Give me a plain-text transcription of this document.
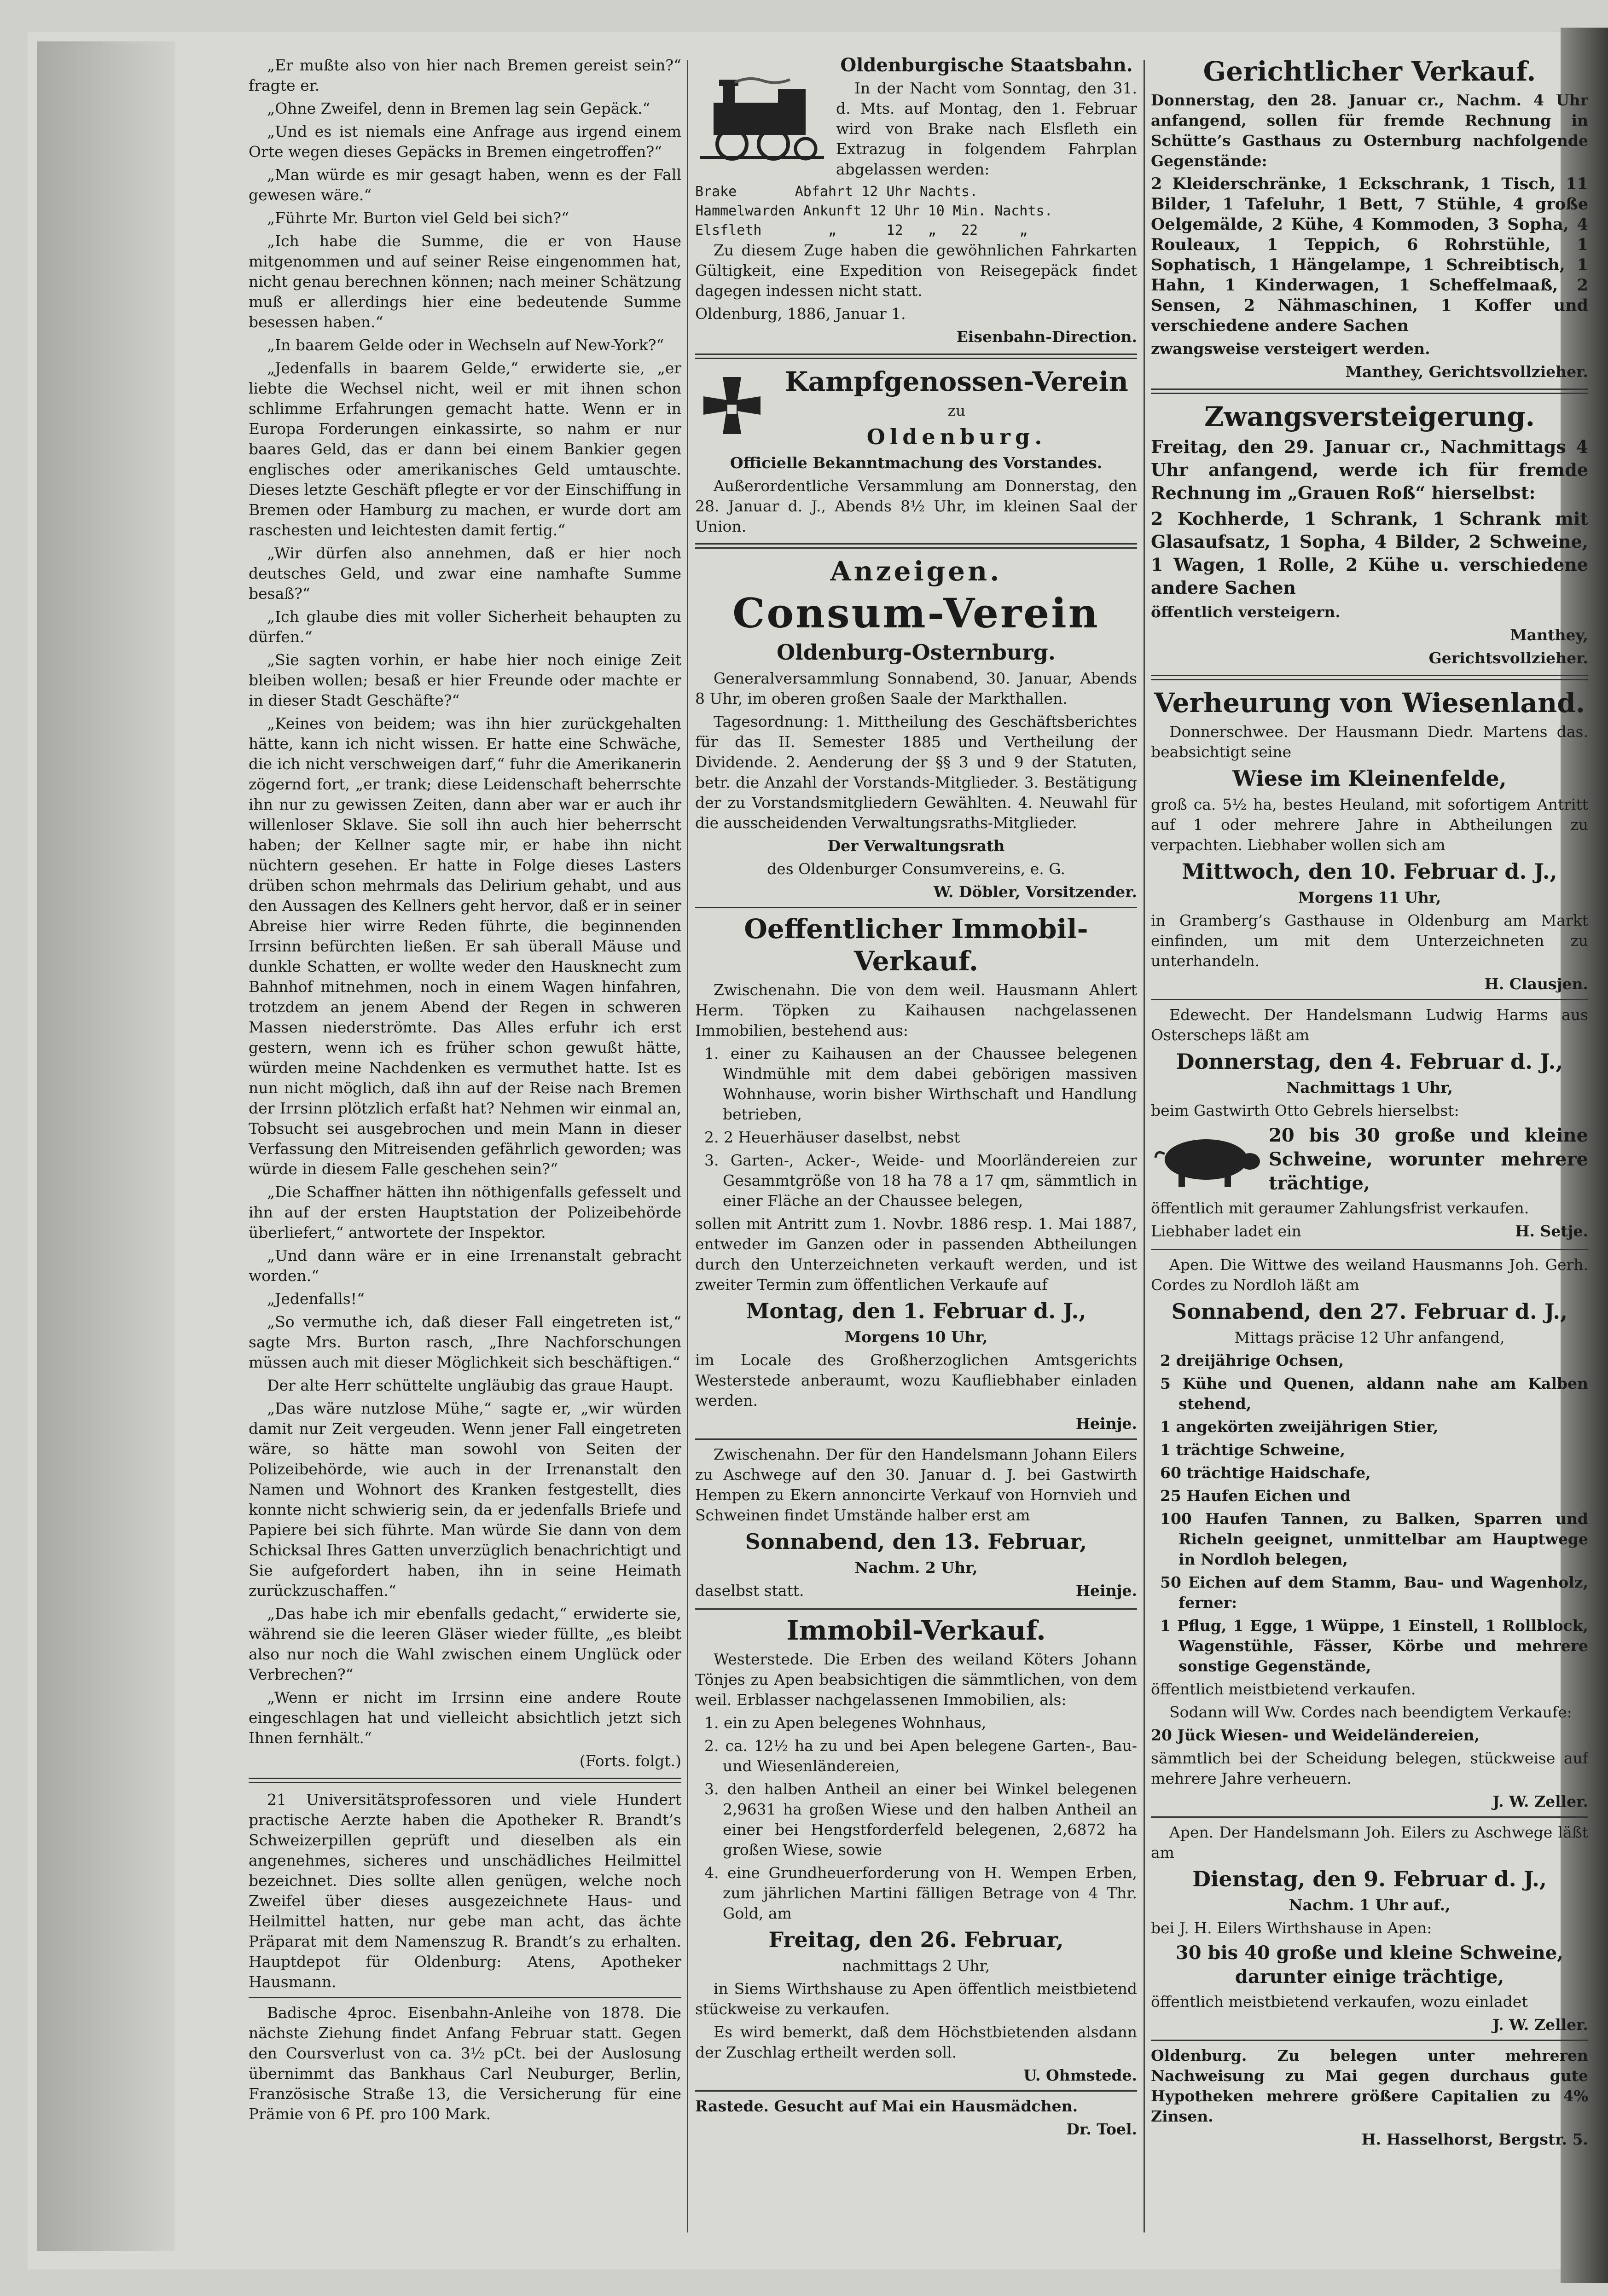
„Er mußte also von hier nach Bremen gereist sein?“ fragte er.

„Ohne Zweifel, denn in Bremen lag sein Gepäck.“

„Und es ist niemals eine Anfrage aus irgend einem Orte wegen dieses Gepäcks in Bremen eingetroffen?“

„Man würde es mir gesagt haben, wenn es der Fall gewesen wäre.“

„Führte Mr. Burton viel Geld bei sich?“

„Ich habe die Summe, die er von Hause mitgenommen und auf seiner Reise eingenommen hat, nicht genau berechnen können; nach meiner Schätzung muß er allerdings hier eine bedeutende Summe besessen haben.“

„In baarem Gelde oder in Wechseln auf New-York?“

„Jedenfalls in baarem Gelde,“ erwiderte sie, „er liebte die Wechsel nicht, weil er mit ihnen schon schlimme Erfahrungen gemacht hatte. Wenn er in Europa Forderungen einkassirte, so nahm er nur baares Geld, das er dann bei einem Bankier gegen englisches oder amerikanisches Geld umtauschte. Dieses letzte Geschäft pflegte er vor der Einschiffung in Bremen oder Hamburg zu machen, er wurde dort am raschesten und leichtesten damit fertig.“

„Wir dürfen also annehmen, daß er hier noch deutsches Geld, und zwar eine namhafte Summe besaß?“

„Ich glaube dies mit voller Sicherheit behaupten zu dürfen.“

„Sie sagten vorhin, er habe hier noch einige Zeit bleiben wollen; besaß er hier Freunde oder machte er in dieser Stadt Geschäfte?“

„Keines von beidem; was ihn hier zurückgehalten hätte, kann ich nicht wissen. Er hatte eine Schwäche, die ich nicht verschweigen darf,“ fuhr die Amerikanerin zögernd fort, „er trank; diese Leidenschaft beherrschte ihn nur zu gewissen Zeiten, dann aber war er auch ihr willenloser Sklave. Sie soll ihn auch hier beherrscht haben; der Kellner sagte mir, er habe ihn nicht nüchtern gesehen. Er hatte in Folge dieses Lasters drüben schon mehrmals das Delirium gehabt, und aus den Aussagen des Kellners geht hervor, daß er in seiner Abreise hier wirre Reden führte, die beginnenden Irrsinn befürchten ließen. Er sah überall Mäuse und dunkle Schatten, er wollte weder den Hausknecht zum Bahnhof mitnehmen, noch in einem Wagen hinfahren, trotzdem an jenem Abend der Regen in schweren Massen niederströmte. Das Alles erfuhr ich erst gestern, wenn ich es früher schon gewußt hätte, würden meine Nachdenken es vermuthet hatte. Ist es nun nicht möglich, daß ihn auf der Reise nach Bremen der Irrsinn plötzlich erfaßt hat? Nehmen wir einmal an, Tobsucht sei ausgebrochen und mein Mann in dieser Verfassung den Mitreisenden gefährlich geworden; was würde in diesem Falle geschehen sein?“

„Die Schaffner hätten ihn nöthigenfalls gefesselt und ihn auf der ersten Hauptstation der Polizeibehörde überliefert,“ antwortete der Inspektor.

„Und dann wäre er in eine Irrenanstalt gebracht worden.“

„Jedenfalls!“

„So vermuthe ich, daß dieser Fall eingetreten ist,“ sagte Mrs. Burton rasch, „Ihre Nachforschungen müssen auch mit dieser Möglichkeit sich beschäftigen.“

Der alte Herr schüttelte ungläubig das graue Haupt.

„Das wäre nutzlose Mühe,“ sagte er, „wir würden damit nur Zeit vergeuden. Wenn jener Fall eingetreten wäre, so hätte man sowohl von Seiten der Polizeibehörde, wie auch in der Irrenanstalt den Namen und Wohnort des Kranken festgestellt, dies konnte nicht schwierig sein, da er jedenfalls Briefe und Papiere bei sich führte. Man würde Sie dann von dem Schicksal Ihres Gatten unverzüglich benachrichtigt und Sie aufgefordert haben, ihn in seine Heimath zurückzuschaffen.“

„Das habe ich mir ebenfalls gedacht,“ erwiderte sie, während sie die leeren Gläser wieder füllte, „es bleibt also nur noch die Wahl zwischen einem Unglück oder Verbrechen?“

„Wenn er nicht im Irrsinn eine andere Route eingeschlagen hat und vielleicht absichtlich jetzt sich Ihnen fernhält.“

(Forts. folgt.)

21 Universitätsprofessoren und viele Hundert practische Aerzte haben die Apotheker R. Brandt’s Schweizerpillen geprüft und dieselben als ein angenehmes, sicheres und unschädliches Heilmittel bezeichnet. Dies sollte allen genügen, welche noch Zweifel über dieses ausgezeichnete Haus- und Heilmittel hatten, nur gebe man acht, das ächte Präparat mit dem Namenszug R. Brandt’s zu erhalten. Hauptdepot für Oldenburg: Atens, Apotheker Hausmann.

Badische 4proc. Eisenbahn-Anleihe von 1878. Die nächste Ziehung findet Anfang Februar statt. Gegen den Coursverlust von ca. 3½ pCt. bei der Auslosung übernimmt das Bankhaus Carl Neuburger, Berlin, Französische Straße 13, die Versicherung für eine Prämie von 6 Pf. pro 100 Mark.

Oldenburgische Staatsbahn.

In der Nacht vom Sonntag, den 31. d. Mts. auf Montag, den 1. Februar wird von Brake nach Elsfleth ein Extrazug in folgendem Fahrplan abgelassen werden:

Brake       Abfahrt 12 Uhr Nachts.
Hammelwarden Ankunft 12 Uhr 10 Min. Nachts.
Elsfleth        „      12   „   22     „

Zu diesem Zuge haben die gewöhnlichen Fahrkarten Gültigkeit, eine Expedition von Reisegepäck findet dagegen indessen nicht statt.

Oldenburg, 1886, Januar 1.

Eisenbahn-Direction.

Kampfgenossen-Verein

zu

Oldenburg.

Officielle Bekanntmachung des Vorstandes.

Außerordentliche Versammlung am Donnerstag, den 28. Januar d. J., Abends 8½ Uhr, im kleinen Saal der Union.

Anzeigen.

Consum-Verein

Oldenburg-Osternburg.

Generalversammlung Sonnabend, 30. Januar, Abends 8 Uhr, im oberen großen Saale der Markthallen.

Tagesordnung: 1. Mittheilung des Geschäftsberichtes für das II. Semester 1885 und Vertheilung der Dividende. 2. Aenderung der §§ 3 und 9 der Statuten, betr. die Anzahl der Vorstands-Mitglieder. 3. Bestätigung der zu Vorstandsmitgliedern Gewählten. 4. Neuwahl für die ausscheidenden Verwaltungsraths-Mitglieder.

Der Verwaltungsrath

des Oldenburger Consumvereins, e. G.

W. Döbler, Vorsitzender.

Oeffentlicher Immobil-Verkauf.

Zwischenahn. Die von dem weil. Hausmann Ahlert Herm. Töpken zu Kaihausen nachgelassenen Immobilien, bestehend aus:

1. einer zu Kaihausen an der Chaussee belegenen Windmühle mit dem dabei gebörigen massiven Wohnhause, worin bisher Wirthschaft und Handlung betrieben,

2. 2 Heuerhäuser daselbst, nebst

3. Garten-, Acker-, Weide- und Moorländereien zur Gesammtgröße von 18 ha 78 a 17 qm, sämmtlich in einer Fläche an der Chaussee belegen,

sollen mit Antritt zum 1. Novbr. 1886 resp. 1. Mai 1887, entweder im Ganzen oder in passenden Abtheilungen durch den Unterzeichneten verkauft werden, und ist zweiter Termin zum öffentlichen Verkaufe auf

Montag, den 1. Februar d. J.,

Morgens 10 Uhr,

im Locale des Großherzoglichen Amtsgerichts Westerstede anberaumt, wozu Kaufliebhaber einladen werden.

Heinje.

Zwischenahn. Der für den Handelsmann Johann Eilers zu Aschwege auf den 30. Januar d. J. bei Gastwirth Hempen zu Ekern annoncirte Verkauf von Hornvieh und Schweinen findet Umstände halber erst am

Sonnabend, den 13. Februar,

Nachm. 2 Uhr,

daselbst statt.	Heinje.

Immobil-Verkauf.

Westerstede. Die Erben des weiland Köters Johann Tönjes zu Apen beabsichtigen die sämmtlichen, von dem weil. Erblasser nachgelassenen Immobilien, als:

1. ein zu Apen belegenes Wohnhaus,

2. ca. 12½ ha zu und bei Apen belegene Garten-, Bau- und Wiesenländereien,

3. den halben Antheil an einer bei Winkel belegenen 2,9631 ha großen Wiese und den halben Antheil an einer bei Hengstforderfeld belegenen, 2,6872 ha großen Wiese, sowie

4. eine Grundheuerforderung von H. Wempen Erben, zum jährlichen Martini fälligen Betrage von 4 Thr. Gold, am

Freitag, den 26. Februar,

nachmittags 2 Uhr,

in Siems Wirthshause zu Apen öffentlich meistbietend stückweise zu verkaufen.

Es wird bemerkt, daß dem Höchstbietenden alsdann der Zuschlag ertheilt werden soll.

U. Ohmstede.

Rastede. Gesucht auf Mai ein Hausmädchen.

Dr. Toel.

Gerichtlicher Verkauf.

Donnerstag, den 28. Januar cr., Nachm. 4 Uhr anfangend, sollen für fremde Rechnung in Schütte’s Gasthaus zu Osternburg nachfolgende Gegenstände:

2 Kleiderschränke, 1 Eckschrank, 1 Tisch, 11 Bilder, 1 Tafeluhr, 1 Bett, 7 Stühle, 4 große Oelgemälde, 2 Kühe, 4 Kommoden, 3 Sopha, 4 Rouleaux, 1 Teppich, 6 Rohrstühle, 1 Sophatisch, 1 Hängelampe, 1 Schreibtisch, 1 Hahn, 1 Kinderwagen, 1 Scheffelmaaß, 2 Sensen, 2 Nähmaschinen, 1 Koffer und verschiedene andere Sachen

zwangsweise versteigert werden.

Manthey, Gerichtsvollzieher.

Zwangsversteigerung.

Freitag, den 29. Januar cr., Nachmittags 4 Uhr anfangend, werde ich für fremde Rechnung im „Grauen Roß“ hierselbst:

2 Kochherde, 1 Schrank, 1 Schrank mit Glasaufsatz, 1 Sopha, 4 Bilder, 2 Schweine, 1 Wagen, 1 Rolle, 2 Kühe u. verschiedene andere Sachen

öffentlich versteigern.

Manthey,

Gerichtsvollzieher.

Verheurung von Wiesenland.

Donnerschwee. Der Hausmann Diedr. Martens das. beabsichtigt seine

Wiese im Kleinenfelde,

groß ca. 5½ ha, bestes Heuland, mit sofortigem Antritt auf 1 oder mehrere Jahre in Abtheilungen zu verpachten. Liebhaber wollen sich am

Mittwoch, den 10. Februar d. J.,

Morgens 11 Uhr,

in Gramberg’s Gasthause in Oldenburg am Markt einfinden, um mit dem Unterzeichneten zu unterhandeln.

H. Clausjen.

Edewecht. Der Handelsmann Ludwig Harms aus Osterscheps läßt am

Donnerstag, den 4. Februar d. J.,

Nachmittags 1 Uhr,

beim Gastwirth Otto Gebrels hierselbst:

20 bis 30 große und kleine Schweine, worunter mehrere trächtige,

öffentlich mit geraumer Zahlungsfrist verkaufen.

Liebhaber ladet ein	H. Setje.

Apen. Die Wittwe des weiland Hausmanns Joh. Gerh. Cordes zu Nordloh läßt am

Sonnabend, den 27. Februar d. J.,

Mittags präcise 12 Uhr anfangend,

2 dreijährige Ochsen,

5 Kühe und Quenen, aldann nahe am Kalben stehend,

1 angekörten zweijährigen Stier,

1 trächtige Schweine,

60 trächtige Haidschafe,

25 Haufen Eichen und

100 Haufen Tannen, zu Balken, Sparren und Richeln geeignet, unmittelbar am Hauptwege in Nordloh belegen,

50 Eichen auf dem Stamm, Bau- und Wagenholz, ferner:

1 Pflug, 1 Egge, 1 Wüppe, 1 Einstell, 1 Rollblock, Wagenstühle, Fässer, Körbe und mehrere sonstige Gegenstände,

öffentlich meistbietend verkaufen.

Sodann will Ww. Cordes nach beendigtem Verkaufe:

20 Jück Wiesen- und Weideländereien,

sämmtlich bei der Scheidung belegen, stückweise auf mehrere Jahre verheuern.

J. W. Zeller.

Apen. Der Handelsmann Joh. Eilers zu Aschwege läßt am

Dienstag, den 9. Februar d. J.,

Nachm. 1 Uhr auf.,

bei J. H. Eilers Wirthshause in Apen:

30 bis 40 große und kleine Schweine, darunter einige trächtige,

öffentlich meistbietend verkaufen, wozu einladet

J. W. Zeller.

Oldenburg. Zu belegen unter mehreren Nachweisung zu Mai gegen durchaus gute Hypotheken mehrere größere Capitalien zu 4% Zinsen.

H. Hasselhorst, Bergstr. 5.
